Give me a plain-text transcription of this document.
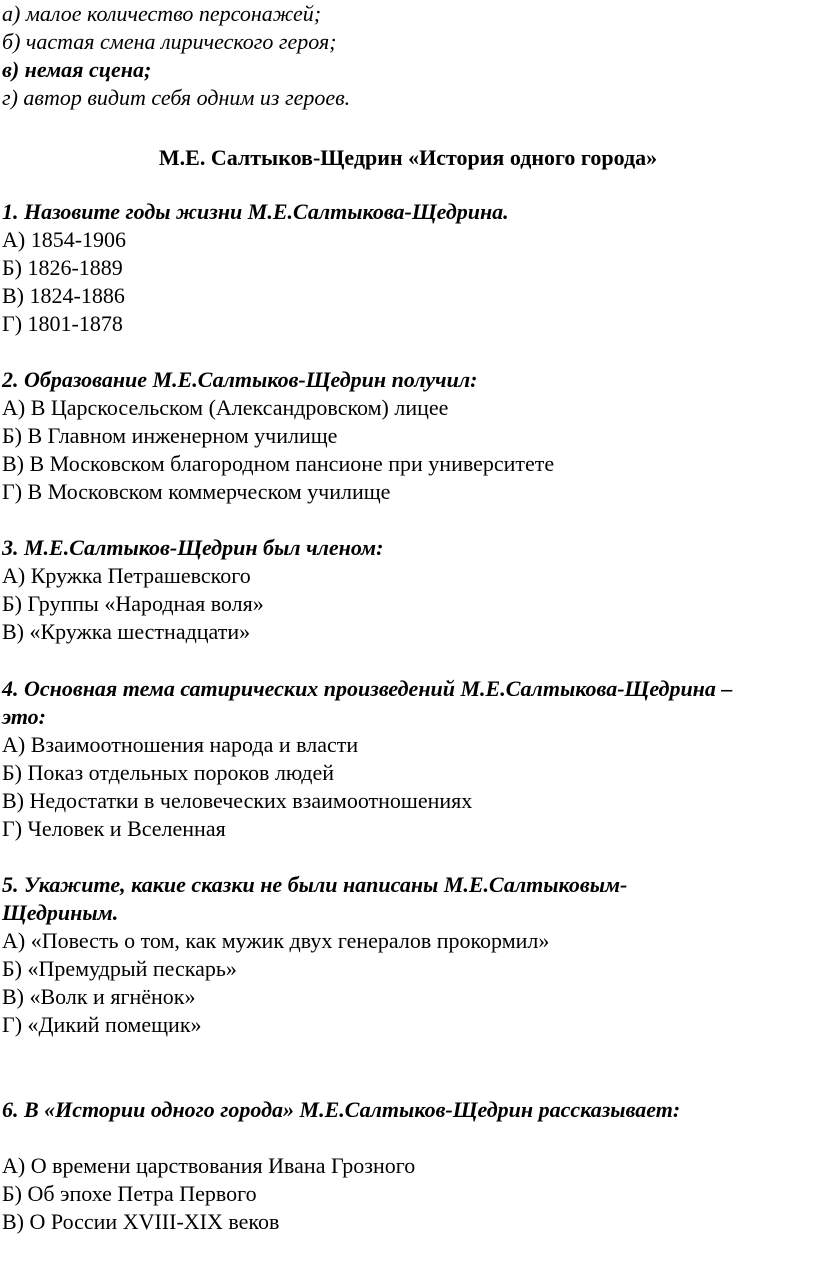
а) малое количество персонажей;
б) частая смена лирического героя;
в) немая сцена;
г) автор видит себя одним из героев.
М.Е. Салтыков-Щедрин «История одного города»
1. Назовите годы жизни М.Е.Салтыкова-Щедрина.
А) 1854-1906
Б) 1826-1889
В) 1824-1886
Г) 1801-1878
2. Образование М.Е.Салтыков-Щедрин получил:
А) В Царскосельском (Александровском) лицее
Б) В Главном инженерном училище
В) В Московском благородном пансионе при университете
Г) В Московском коммерческом училище
3. М.Е.Салтыков-Щедрин был членом:
А) Кружка Петрашевского
Б) Группы «Народная воля»
В) «Кружка шестнадцати»
4. Основная тема сатирических произведений М.Е.Салтыкова-Щедрина –
это:
А) Взаимоотношения народа и власти
Б) Показ отдельных пороков людей
В) Недостатки в человеческих взаимоотношениях
Г) Человек и Вселенная
5. Укажите, какие сказки не были написаны М.Е.Салтыковым-
Щедриным.
А) «Повесть о том, как мужик двух генералов прокормил»
Б) «Премудрый пескарь»
В) «Волк и ягнёнок»
Г) «Дикий помещик»
6. В «Истории одного города» М.Е.Салтыков-Щедрин рассказывает:
А) О времени царствования Ивана Грозного
Б) Об эпохе Петра Первого
В) О России XVIII-XIX веков
